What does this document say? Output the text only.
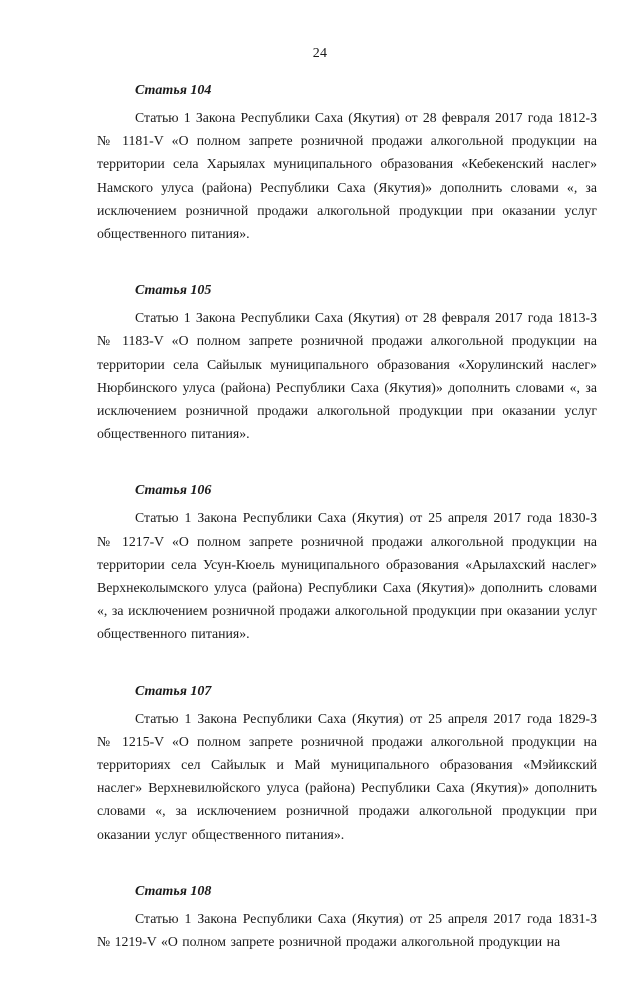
24
Статья 104

Статью 1 Закона Республики Саха (Якутия) от 28 февраля 2017 года 1812-З № 1181-V «О полном запрете розничной продажи алкогольной продукции на территории села Харыялах муниципального образования «Кебекенский наслег» Намского улуса (района) Республики Саха (Якутия)» дополнить словами «, за исключением розничной продажи алкогольной продукции при оказании услуг общественного питания».

Статья 105

Статью 1 Закона Республики Саха (Якутия) от 28 февраля 2017 года 1813-З № 1183-V «О полном запрете розничной продажи алкогольной продукции на территории села Сайылык муниципального образования «Хорулинский наслег» Нюрбинского улуса (района) Республики Саха (Якутия)» дополнить словами «, за исключением розничной продажи алкогольной продукции при оказании услуг общественного питания».

Статья 106

Статью 1 Закона Республики Саха (Якутия) от 25 апреля 2017 года 1830-З № 1217-V «О полном запрете розничной продажи алкогольной продукции на территории села Усун-Кюель муниципального образования «Арылахский наслег» Верхнеколымского улуса (района) Республики Саха (Якутия)» дополнить словами «, за исключением розничной продажи алкогольной продукции при оказании услуг общественного питания».

Статья 107

Статью 1 Закона Республики Саха (Якутия) от 25 апреля 2017 года 1829-З № 1215-V «О полном запрете розничной продажи алкогольной продукции на территориях сел Сайылык и Май муниципального образования «Мэйикский наслег» Верхневилюйского улуса (района) Республики Саха (Якутия)» дополнить словами «, за исключением розничной продажи алкогольной продукции при оказании услуг общественного питания».

Статья 108

Статью 1 Закона Республики Саха (Якутия) от 25 апреля 2017 года 1831-З № 1219-V «О полном запрете розничной продажи алкогольной продукции на
